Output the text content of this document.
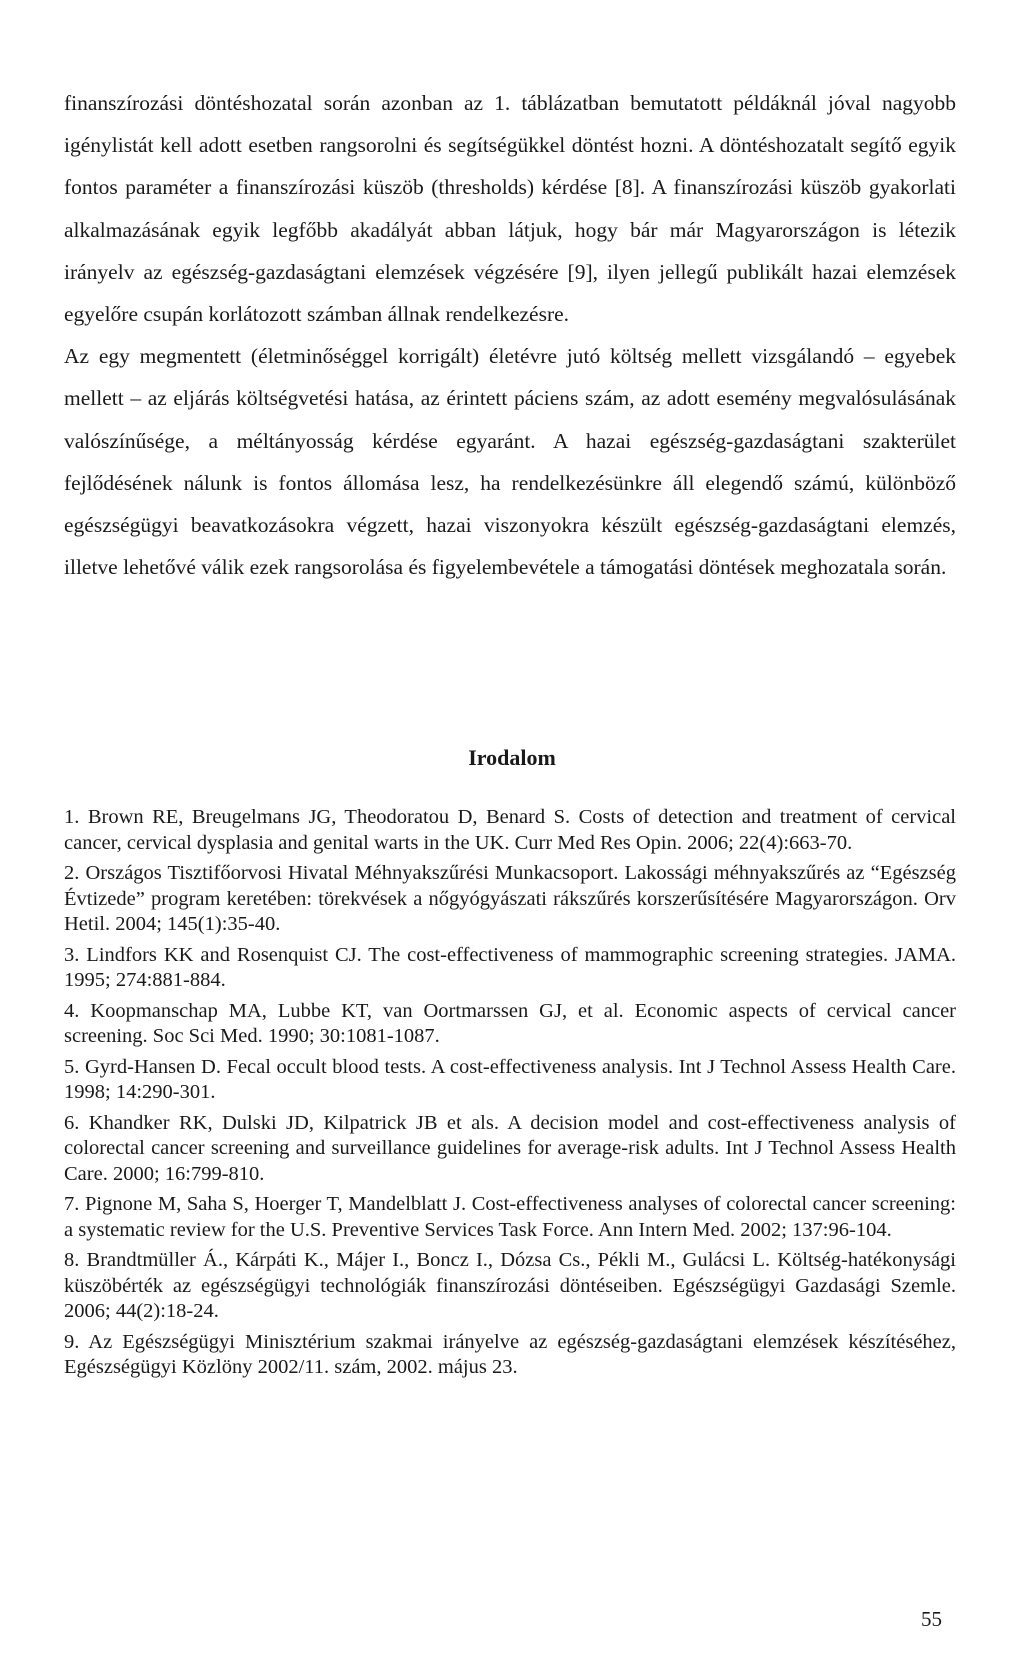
finanszírozási döntéshozatal során azonban az 1. táblázatban bemutatott példáknál jóval nagyobb igénylistát kell adott esetben rangsorolni és segítségükkel döntést hozni. A döntéshozatalt segítő egyik fontos paraméter a finanszírozási küszöb (thresholds) kérdése [8]. A finanszírozási küszöb gyakorlati alkalmazásának egyik legfőbb akadályát abban látjuk, hogy bár már Magyarországon is létezik irányelv az egészség-gazdaságtani elemzések végzésére [9], ilyen jellegű publikált hazai elemzések egyelőre csupán korlátozott számban állnak rendelkezésre.

Az egy megmentett (életminőséggel korrigált) életévre jutó költség mellett vizsgálandó – egyebek mellett – az eljárás költségvetési hatása, az érintett páciens szám, az adott esemény megvalósulásának valószínűsége, a méltányosság kérdése egyaránt. A hazai egészség-gazdaságtani szakterület fejlődésének nálunk is fontos állomása lesz, ha rendelkezésünkre áll elegendő számú, különböző egészségügyi beavatkozásokra végzett, hazai viszonyokra készült egészség-gazdaságtani elemzés, illetve lehetővé válik ezek rangsorolása és figyelembevétele a támogatási döntések meghozatala során.

Irodalom
1. Brown RE, Breugelmans JG, Theodoratou D, Benard S. Costs of detection and treatment of cervical cancer, cervical dysplasia and genital warts in the UK. Curr Med Res Opin. 2006; 22(4):663-70.
2. Országos Tisztifőorvosi Hivatal Méhnyakszűrési Munkacsoport. Lakossági méhnyakszűrés az “Egészség Évtizede” program keretében: törekvések a nőgyógyászati rákszűrés korszerűsítésére Magyarországon. Orv Hetil. 2004; 145(1):35-40.
3. Lindfors KK and Rosenquist CJ. The cost-effectiveness of mammographic screening strategies. JAMA. 1995; 274:881-884.
4. Koopmanschap MA, Lubbe KT, van Oortmarssen GJ, et al. Economic aspects of cervical cancer screening. Soc Sci Med. 1990; 30:1081-1087.
5. Gyrd-Hansen D. Fecal occult blood tests. A cost-effectiveness analysis. Int J Technol Assess Health Care. 1998; 14:290-301.
6. Khandker RK, Dulski JD, Kilpatrick JB et als. A decision model and cost-effectiveness analysis of colorectal cancer screening and surveillance guidelines for average-risk adults. Int J Technol Assess Health Care. 2000; 16:799-810.
7. Pignone M, Saha S, Hoerger T, Mandelblatt J. Cost-effectiveness analyses of colorectal cancer screening: a systematic review for the U.S. Preventive Services Task Force. Ann Intern Med. 2002; 137:96-104.
8. Brandtmüller Á., Kárpáti K., Májer I., Boncz I., Dózsa Cs., Pékli M., Gulácsi L. Költség-hatékonysági küszöbérték az egészségügyi technológiák finanszírozási döntéseiben. Egészségügyi Gazdasági Szemle. 2006; 44(2):18-24.
9. Az Egészségügyi Minisztérium szakmai irányelve az egészség-gazdaságtani elemzések készítéséhez, Egészségügyi Közlöny 2002/11. szám, 2002. május 23.
55
